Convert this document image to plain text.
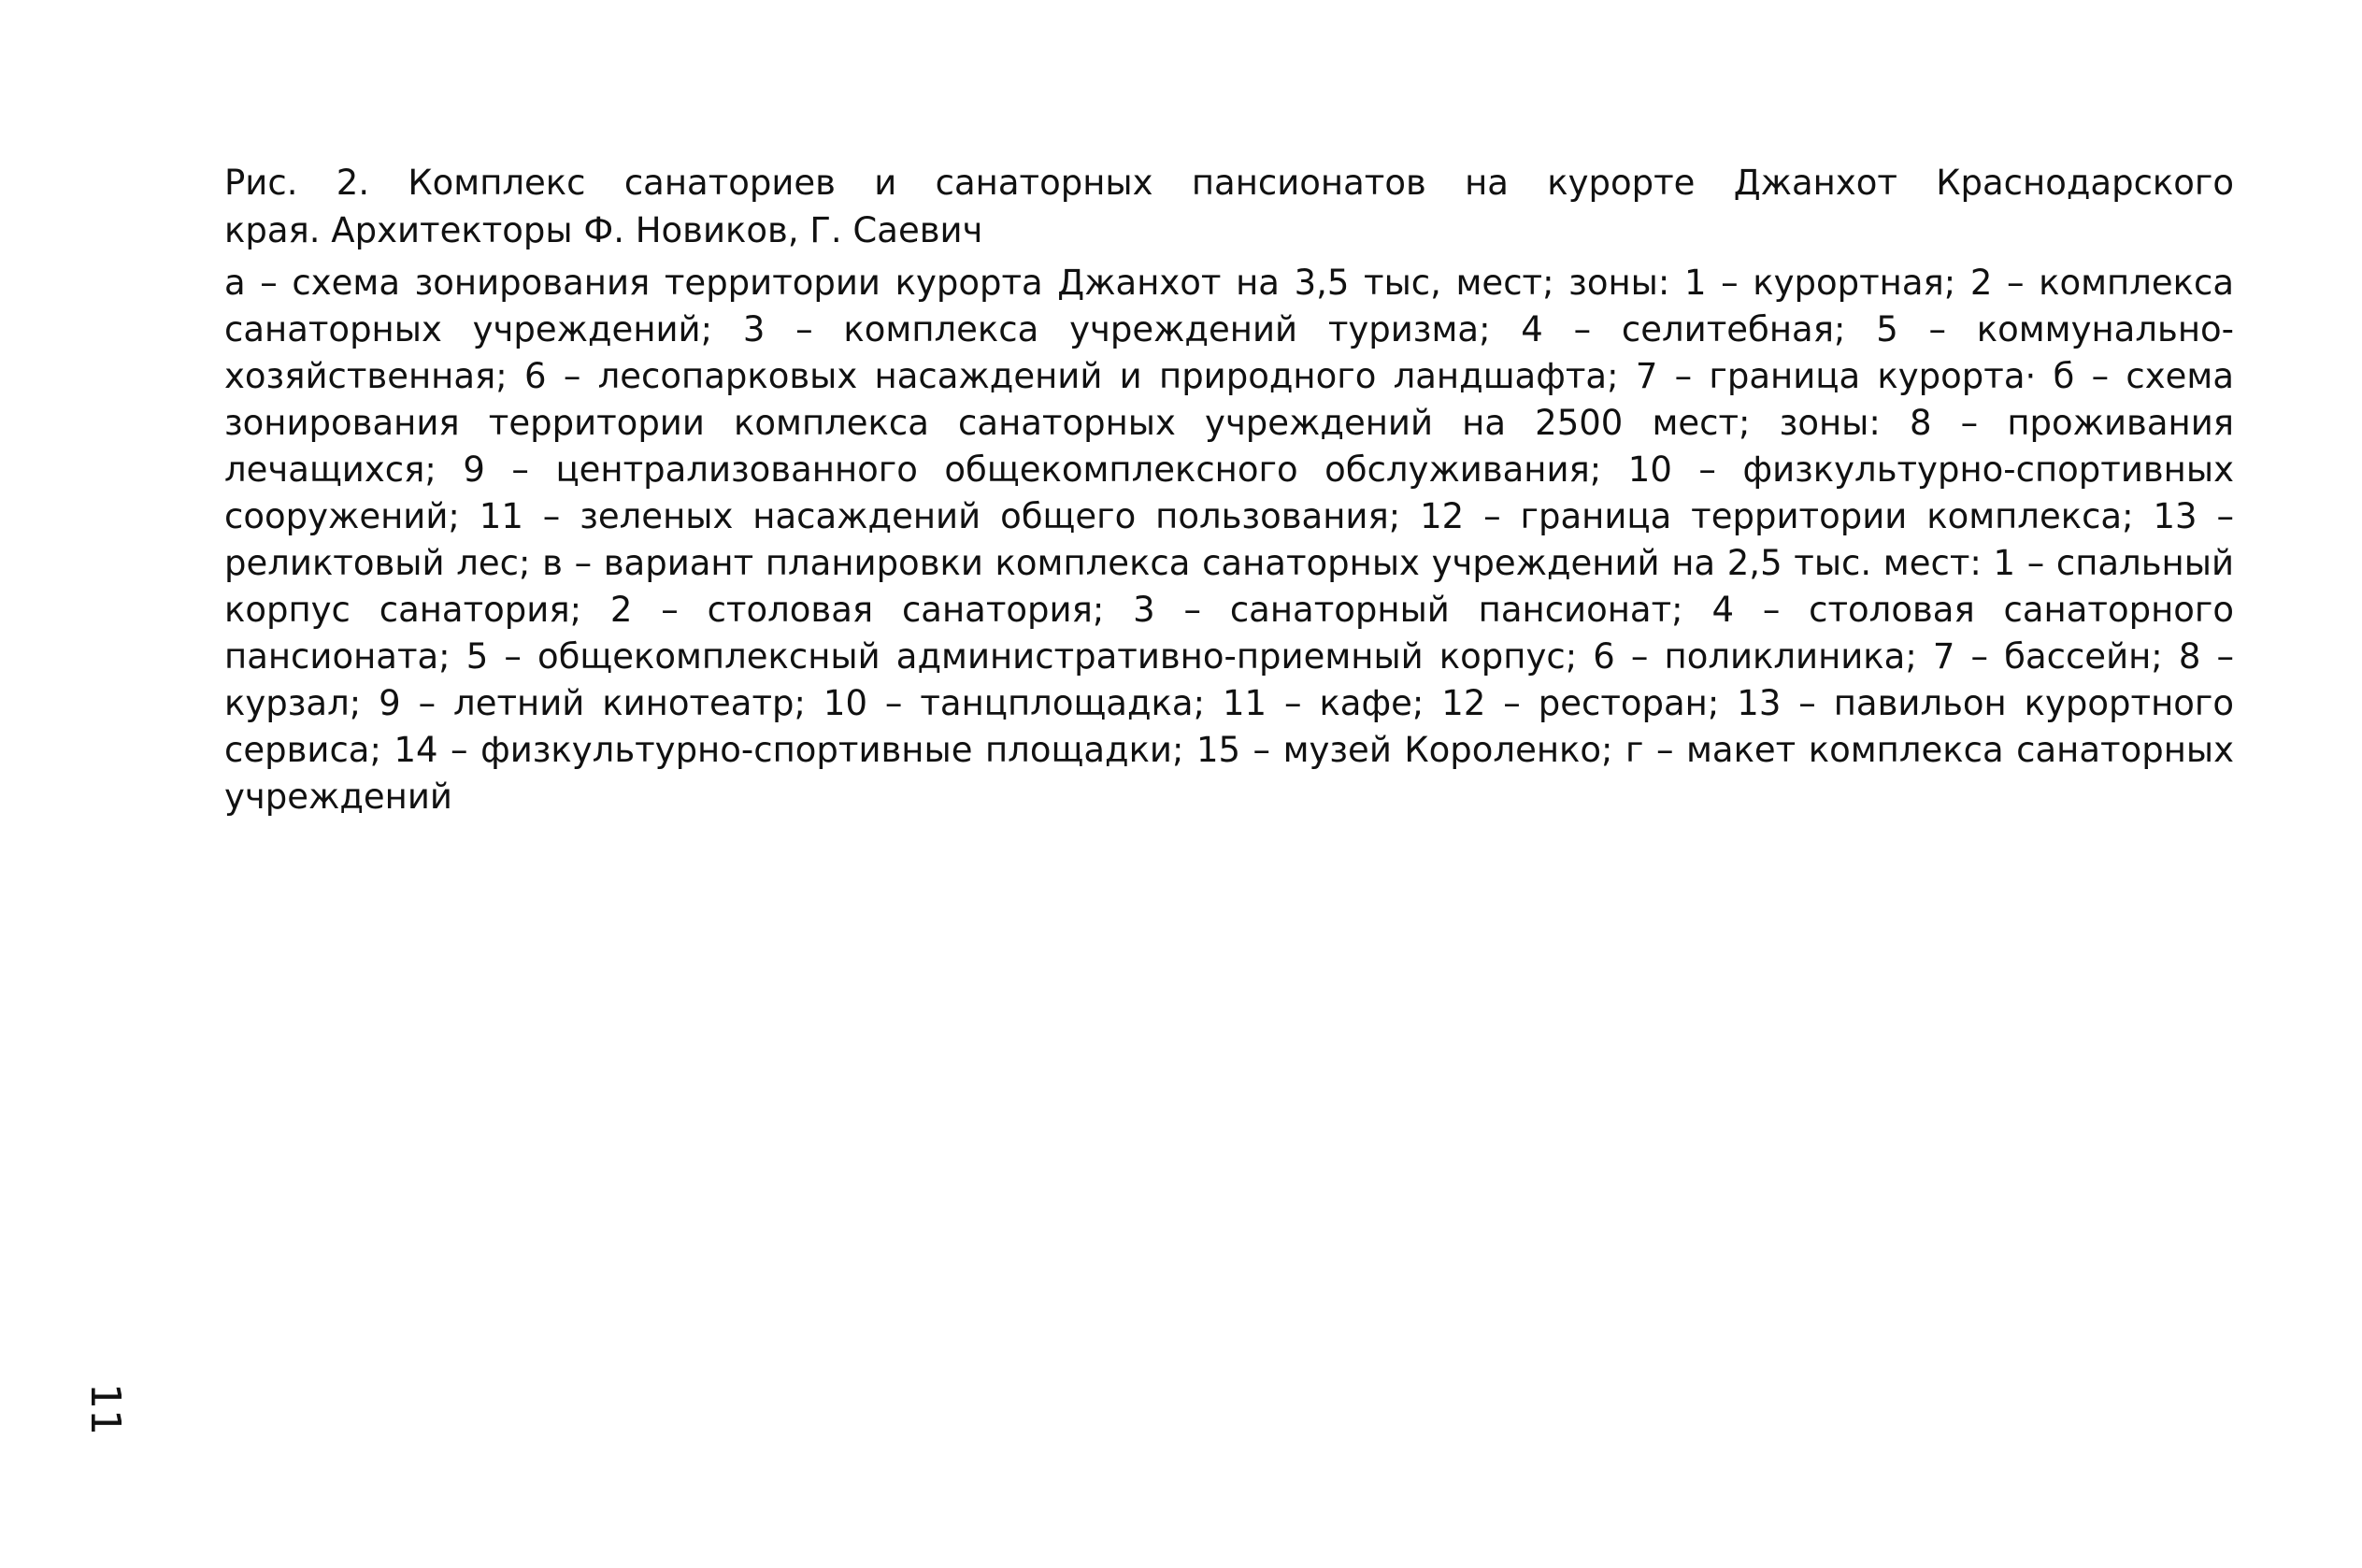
Рис. 2. Комплекс санаториев и санаторных пансионатов на курорте Джанхот Краснодарского
края. Архитекторы Ф. Новиков, Г. Саевич

а – схема зонирования территории курорта Джанхот на 3,5 тыс, мест; зоны: 1 – курортная; 2 – комплекса санаторных учреждений; 3 – комплекса учреждений туризма; 4 – селитебная; 5 – коммунально-хозяйственная; 6 – лесопарковых насаждений и природного ландшафта; 7 – граница курорта· б – схема зонирования территории комплекса санаторных учреждений на 2500 мест; зоны: 8 – проживания лечащихся; 9 – централизованного общекомплексного обслуживания; 10 – физкультурно-спортивных сооружений; 11 – зеленых насаждений общего пользования; 12 – граница территории комплекса; 13 – реликтовый лес; в – вариант планировки комплекса санаторных учреждений на 2,5 тыс. мест: 1 – спальный корпус санатория; 2 – столовая санатория; 3 – санаторный пансионат; 4 – столовая санаторного пансионата; 5 – общекомплексный административно-приемный корпус; 6 – поликлиника; 7 – бассейн; 8 – курзал; 9 – летний кинотеатр; 10 – танцплощадка; 11 – кафе; 12 – ресторан; 13 – павильон курортного сервиса; 14 – физкультурно-спортивные площадки; 15 – музей Короленко; г – макет комплекса санаторных учреждений

11
